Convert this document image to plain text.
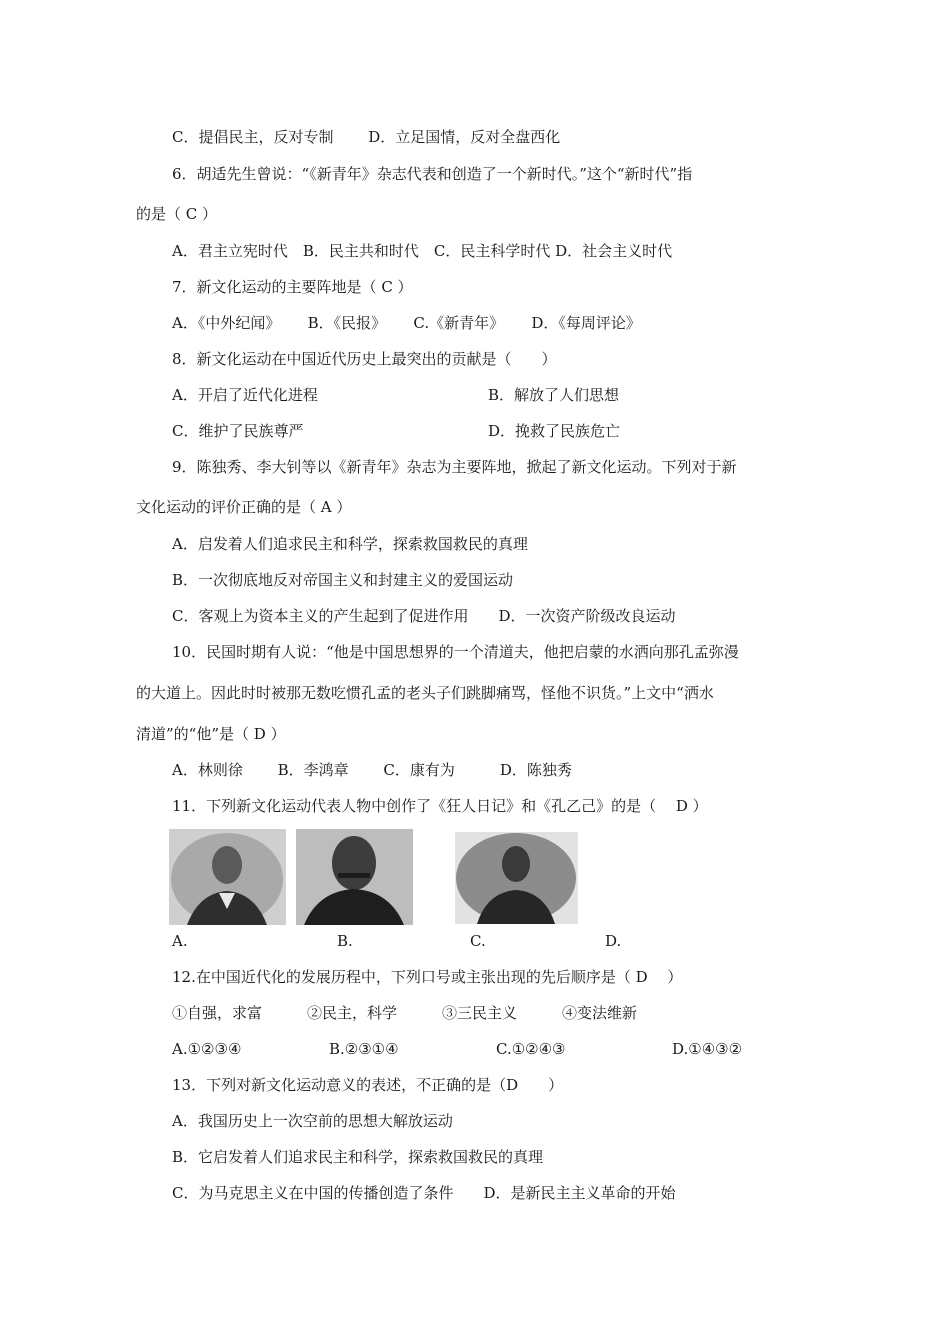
C．提倡民主，反对专制　　 D．立足国情，反对全盘西化
6．胡适先生曾说：“《新青年》杂志代表和创造了一个新时代。”这个“新时代”指
的是（ C ）
A．君主立宪时代　B．民主共和时代　C．民主科学时代 D．社会主义时代
7．新文化运动的主要阵地是（ C ）
A．《中外纪闻》　　 B．《民报》　　 C.《新青年》　　 D．《每周评论》
8．新文化运动在中国近代历史上最突出的贡献是（　　）
A．开启了近代化进程	B．解放了人们思想
C．维护了民族尊严	D．挽救了民族危亡
9．陈独秀、李大钊等以《新青年》杂志为主要阵地，掀起了新文化运动。下列对于新
文化运动的评价正确的是（ A ）
A．启发着人们追求民主和科学，探索救国救民的真理
B．一次彻底地反对帝国主义和封建主义的爱国运动
C．客观上为资本主义的产生起到了促进作用　　D．一次资产阶级改良运动
10．民国时期有人说：“他是中国思想界的一个清道夫，他把启蒙的水洒向那孔孟弥漫
的大道上。因此时时被那无数吃惯孔孟的老头子们跳脚痛骂，怪他不识货。”上文中“洒水
清道”的“他”是（ D ）
A．林则徐　　 B．李鸿章　　 C．康有为　　　D．陈独秀
11．下列新文化运动代表人物中创作了《狂人日记》和《孔乙己》的是（　 D ）
A.	B.	C.	D.
12.在中国近代化的发展历程中，下列口号或主张出现的先后顺序是（ D　 ）
①自强，求富　　　②民主，科学　　　③三民主义　　　④变法维新
A.①②③④	B.②③①④	C.①②④③	D.①④③②
13．下列对新文化运动意义的表述，不正确的是（D　　）
A．我国历史上一次空前的思想大解放运动
B．它启发着人们追求民主和科学，探索救国救民的真理
C．为马克思主义在中国的传播创造了条件　　D．是新民主主义革命的开始
